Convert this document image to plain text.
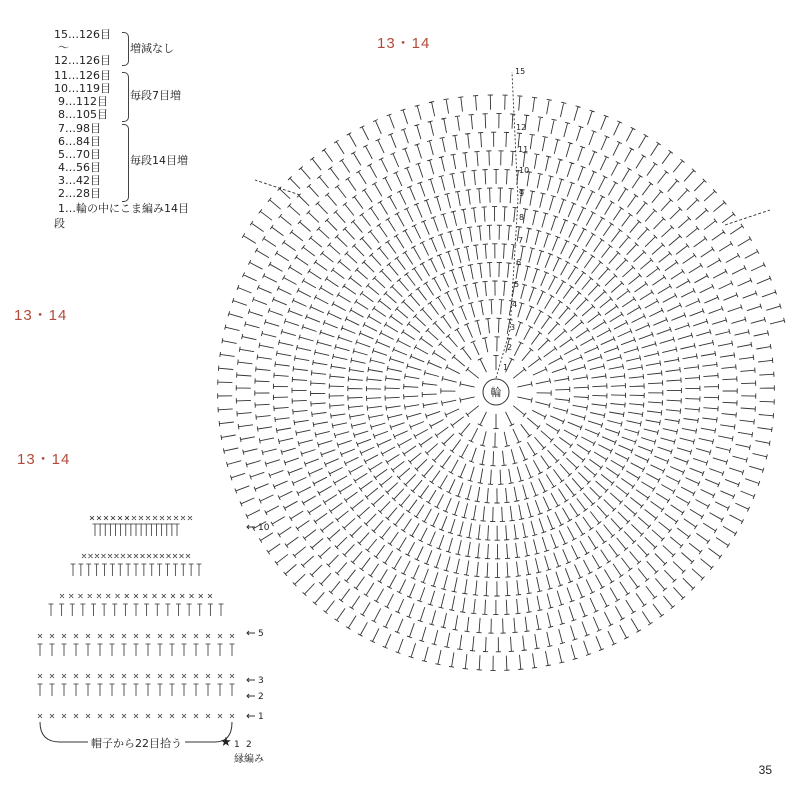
13・14
13・14
13・14
15…126目
～
12…126目
11…126目
10…119目
9…112目
8…105目
7…98目
6…84目
5…70目
4…56目
3…42目
2…28目
1…輪の中にこま編み14目
段
増減なし
毎段7目増
毎段14目増
15
12
11
10
9
8
7
6
5
4
3
2
1
輪
10
5
3
2
1
帽子から22目拾う	★ 1 2
縁編み
35
